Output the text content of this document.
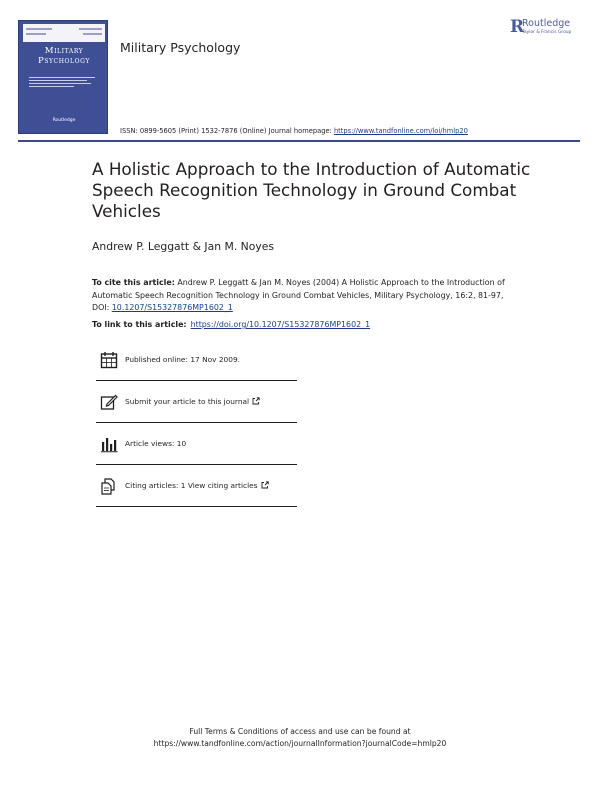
Military
Psychology
Routledge
Military Psychology
R
Routledge
Taylor & Francis Group
ISSN: 0899-5605 (Print) 1532-7876 (Online) Journal homepage: https://www.tandfonline.com/loi/hmlp20
A Holistic Approach to the Introduction of Automatic Speech Recognition Technology in Ground Combat Vehicles
Andrew P. Leggatt & Jan M. Noyes
To cite this article: Andrew P. Leggatt & Jan M. Noyes (2004) A Holistic Approach to the Introduction of Automatic Speech Recognition Technology in Ground Combat Vehicles, Military Psychology, 16:2, 81-97, DOI: 10.1207/S15327876MP1602_1
To link to this article: https://doi.org/10.1207/S15327876MP1602_1
Published online: 17 Nov 2009.
Submit your article to this journal
Article views: 10
Citing articles: 1 View citing articles
Full Terms & Conditions of access and use can be found at
https://www.tandfonline.com/action/journalInformation?journalCode=hmlp20
